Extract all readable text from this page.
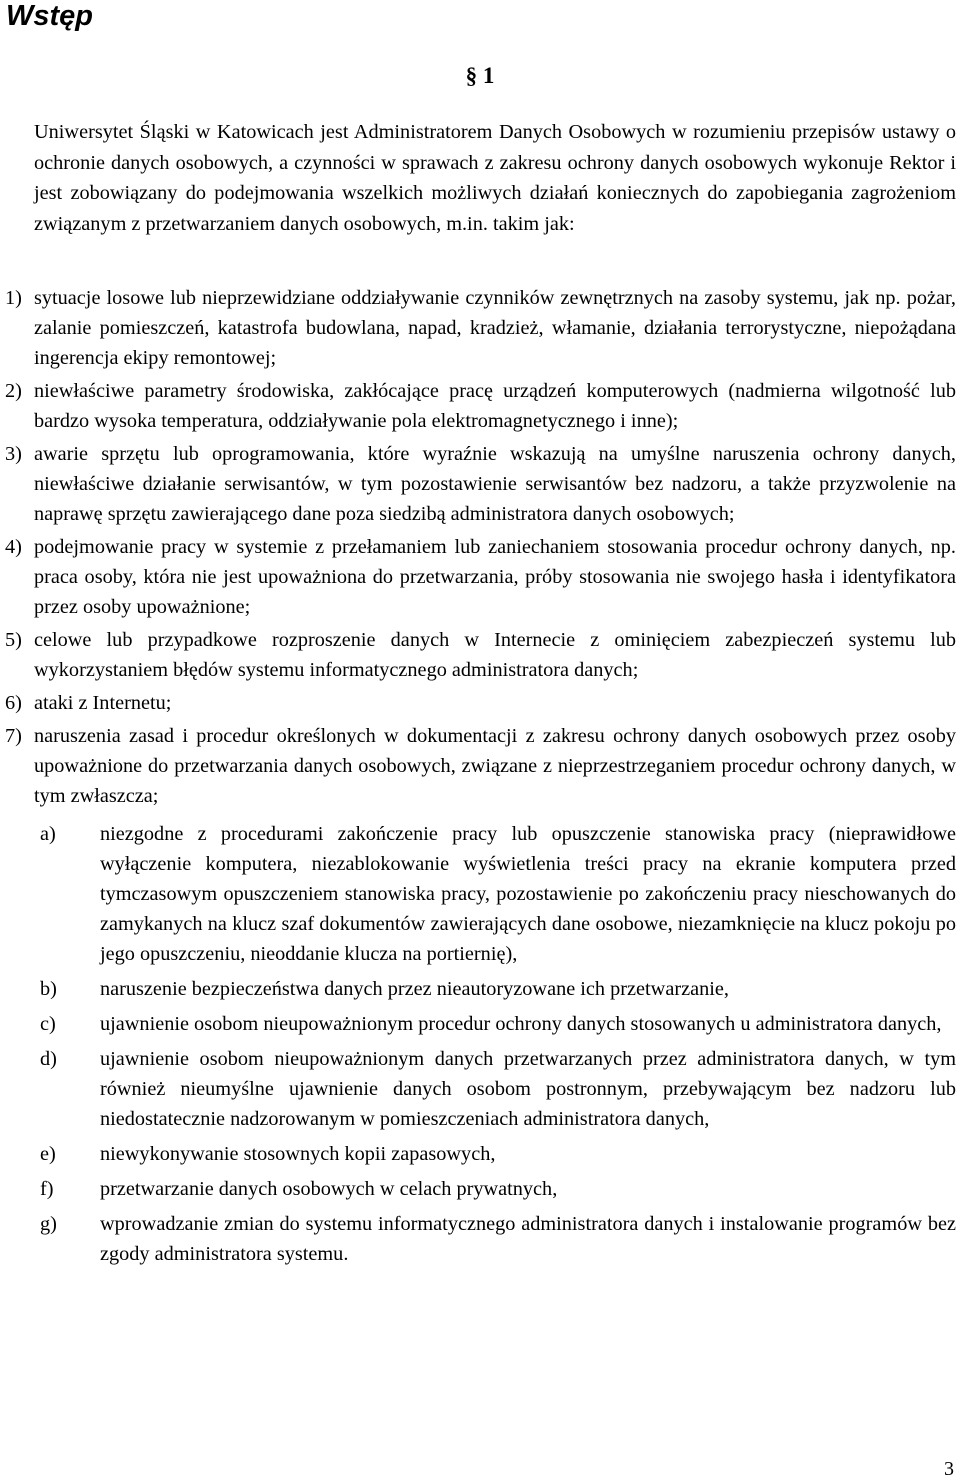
Wstęp

§ 1

Uniwersytet Śląski w Katowicach jest Administratorem Danych Osobowych w rozumieniu przepisów ustawy o ochronie danych osobowych, a czynności w sprawach z zakresu ochrony danych osobowych wykonuje Rektor i jest zobowiązany do podejmowania wszelkich możliwych działań koniecznych do zapobiegania zagrożeniom związanym z przetwarzaniem danych osobowych, m.in. takim jak:

1) sytuacje losowe lub nieprzewidziane oddziaływanie czynników zewnętrznych na zasoby systemu, jak np. pożar, zalanie pomieszczeń, katastrofa budowlana, napad, kradzież, włamanie, działania terrorystyczne, niepożądana ingerencja ekipy remontowej;
2) niewłaściwe parametry środowiska, zakłócające pracę urządzeń komputerowych (nadmierna wilgotność lub bardzo wysoka temperatura, oddziaływanie pola elektromagnetycznego i inne);
3) awarie sprzętu lub oprogramowania, które wyraźnie wskazują na umyślne naruszenia ochrony danych, niewłaściwe działanie serwisantów, w tym pozostawienie serwisantów bez nadzoru, a także przyzwolenie na naprawę sprzętu zawierającego dane poza siedzibą administratora danych osobowych;
4) podejmowanie pracy w systemie z przełamaniem lub zaniechaniem stosowania procedur ochrony danych, np. praca osoby, która nie jest upoważniona do przetwarzania, próby stosowania nie swojego hasła i identyfikatora przez osoby upoważnione;
5) celowe lub przypadkowe rozproszenie danych w Internecie z ominięciem zabezpieczeń systemu lub wykorzystaniem błędów systemu informatycznego administratora danych;
6) ataki z Internetu;
7) naruszenia zasad i procedur określonych w dokumentacji z zakresu ochrony danych osobowych przez osoby upoważnione do przetwarzania danych osobowych, związane z nieprzestrzeganiem procedur ochrony danych, w tym zwłaszcza;
a) niezgodne z procedurami zakończenie pracy lub opuszczenie stanowiska pracy (nieprawidłowe wyłączenie komputera, niezablokowanie wyświetlenia treści pracy na ekranie komputera przed tymczasowym opuszczeniem stanowiska pracy, pozostawienie po zakończeniu pracy nieschowanych do zamykanych na klucz szaf dokumentów zawierających dane osobowe, niezamknięcie na klucz pokoju po jego opuszczeniu, nieoddanie klucza na portiernię),
b) naruszenie bezpieczeństwa danych przez nieautoryzowane ich przetwarzanie,
c) ujawnienie osobom nieupoważnionym procedur ochrony danych stosowanych u administratora danych,
d) ujawnienie osobom nieupoważnionym danych przetwarzanych przez administratora danych, w tym również nieumyślne ujawnienie danych osobom postronnym, przebywającym bez nadzoru lub niedostatecznie nadzorowanym w pomieszczeniach administratora danych,
e) niewykonywanie stosownych kopii zapasowych,
f) przetwarzanie danych osobowych w celach prywatnych,
g) wprowadzanie zmian do systemu informatycznego administratora danych i instalowanie programów bez zgody administratora systemu.

3
